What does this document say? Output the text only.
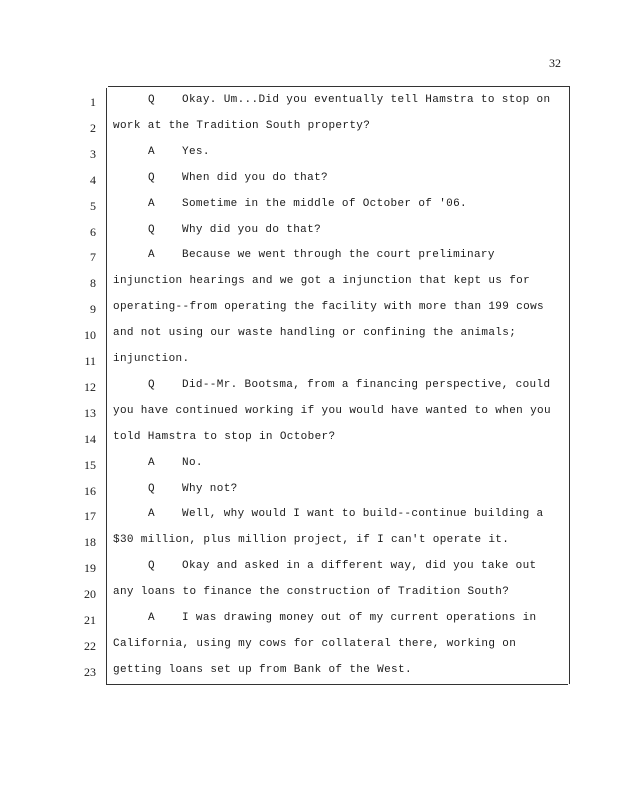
32
1	Q Okay. Um...Did you eventually tell Hamstra to stop on
2 work at the Tradition South property?
3	A Yes.
4	Q When did you do that?
5	A Sometime in the middle of October of '06.
6	Q Why did you do that?
7	A Because we went through the court preliminary
8 injunction hearings and we got a injunction that kept us for
9 operating--from operating the facility with more than 199 cows
10 and not using our waste handling or confining the animals;
11 injunction.
12	Q Did--Mr. Bootsma, from a financing perspective, could
13 you have continued working if you would have wanted to when you
14 told Hamstra to stop in October?
15	A No.
16	Q Why not?
17	A Well, why would I want to build--continue building a
18 $30 million, plus million project, if I can't operate it.
19	Q Okay and asked in a different way, did you take out
20 any loans to finance the construction of Tradition South?
21	A I was drawing money out of my current operations in
22 California, using my cows for collateral there, working on
23 getting loans set up from Bank of the West.
